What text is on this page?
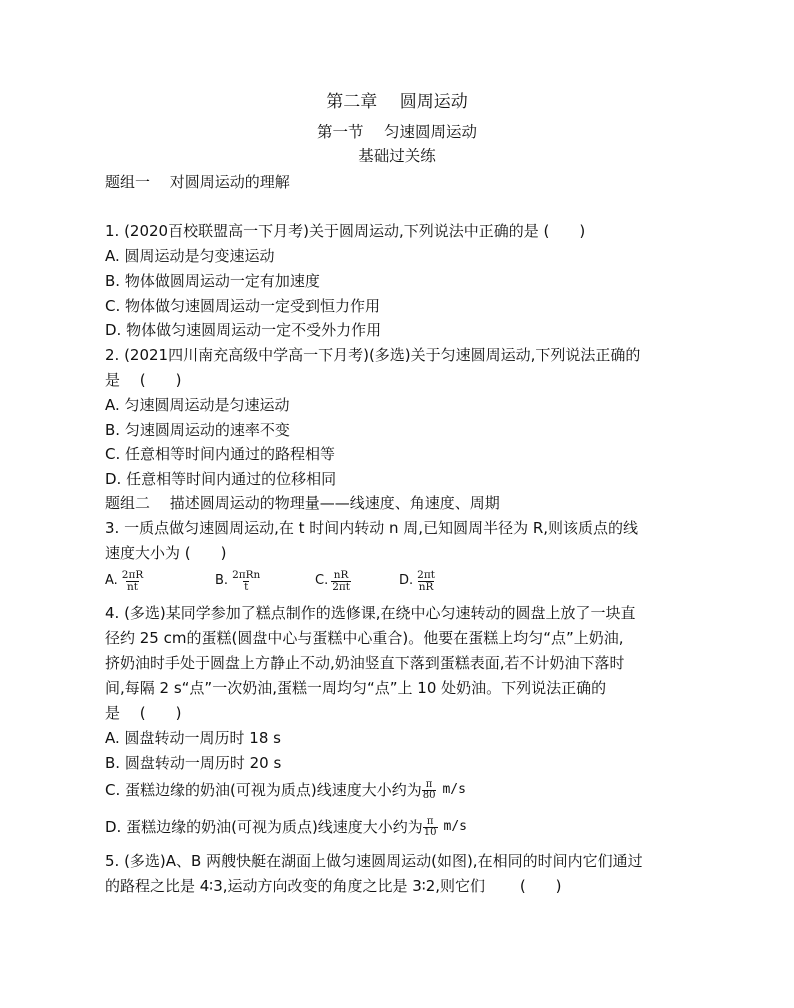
第二章　 圆周运动
第一节　 匀速圆周运动
基础过关练
题组一　 对圆周运动的理解
1. (2020百校联盟高一下月考)关于圆周运动,下列说法中正确的是 (　　)
A. 圆周运动是匀变速运动
B. 物体做圆周运动一定有加速度
C. 物体做匀速圆周运动一定受到恒力作用
D. 物体做匀速圆周运动一定不受外力作用
2. (2021四川南充高级中学高一下月考)(多选)关于匀速圆周运动,下列说法正确的
是　 (　　)
A. 匀速圆周运动是匀速运动
B. 匀速圆周运动的速率不变
C. 任意相等时间内通过的路程相等
D. 任意相等时间内通过的位移相同
题组二　 描述圆周运动的物理量——线速度、角速度、周期
3. 一质点做匀速圆周运动,在 t 时间内转动 n 周,已知圆周半径为 R,则该质点的线
速度大小为 (　　)
A. $\frac{2\pi R}{nt}$	B. $\frac{\text{2πRn}}{t}$	C. $\frac{nR}{2\pi t}$	D. $\frac{2\pi t}{nR}$
4. (多选)某同学参加了糕点制作的选修课,在绕中心匀速转动的圆盘上放了一块直
径约 25 cm的蛋糕(圆盘中心与蛋糕中心重合)。他要在蛋糕上均匀“点”上奶油,
挤奶油时手处于圆盘上方静止不动,奶油竖直下落到蛋糕表面,若不计奶油下落时
间,每隔 2 s“点”一次奶油,蛋糕一周均匀“点”上 10 处奶油。下列说法正确的
是　 (　　)
A. 圆盘转动一周历时 18 s
B. 圆盘转动一周历时 20 s
C. 蛋糕边缘的奶油(可视为质点)线速度大小约为 $\frac{\pi}{80} m/s$
D. 蛋糕边缘的奶油(可视为质点)线速度大小约为 $\frac{\pi}{10} m/s$
5. (多选)A、B 两艘快艇在湖面上做匀速圆周运动(如图),在相同的时间内它们通过
的路程之比是 4∶3,运动方向改变的角度之比是 3∶2,则它们　　 (　　)
